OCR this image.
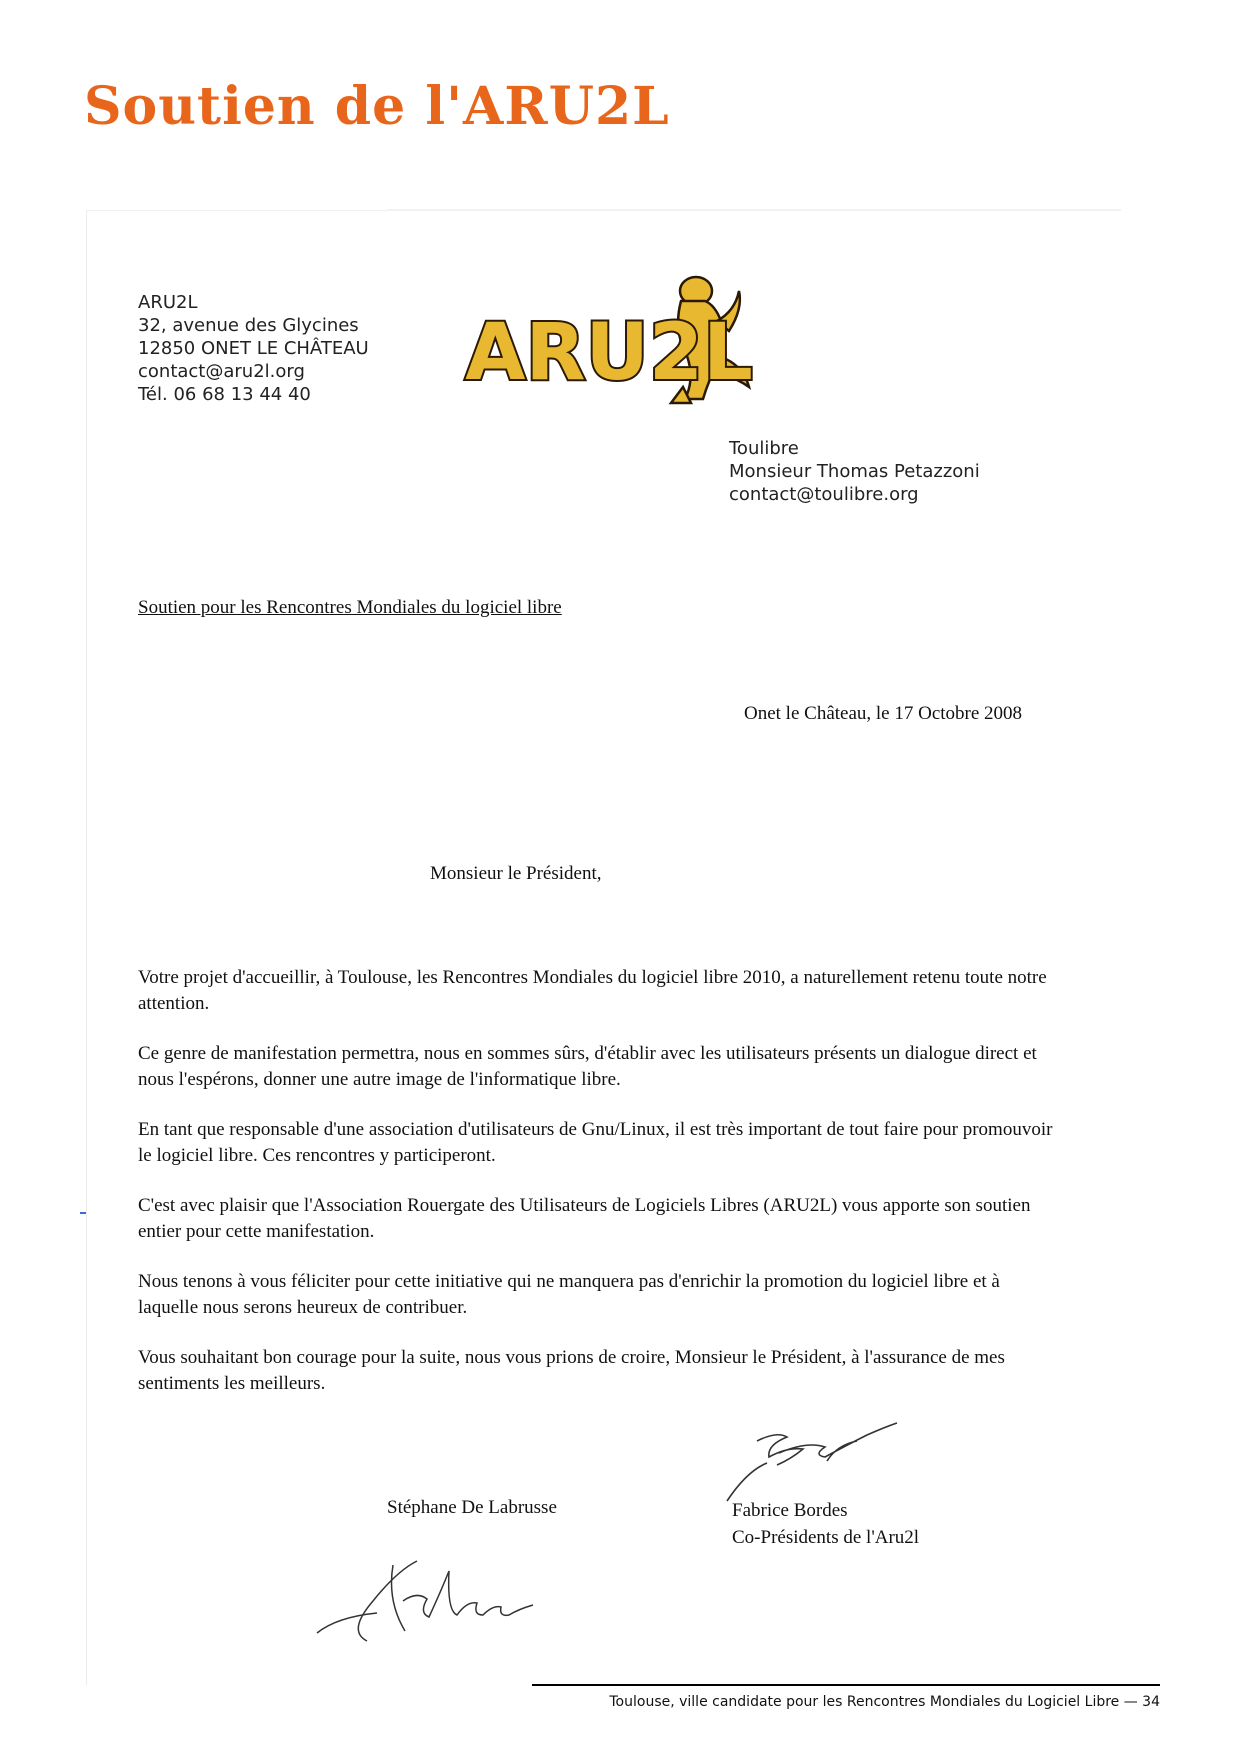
Soutien de l'ARU2L
ARU2L
32, avenue des Glycines
12850 ONET LE CHÂTEAU
contact@aru2l.org
Tél. 06 68 13 44 40	ARU2L
Toulibre
Monsieur Thomas Petazzoni
contact@toulibre.org
Soutien pour les Rencontres Mondiales du logiciel libre
Onet le Château, le 17 Octobre 2008
Monsieur le Président,

Votre projet d'accueillir, à Toulouse, les Rencontres Mondiales du logiciel libre 2010, a naturellement retenu toute notre attention.

Ce genre de manifestation permettra, nous en sommes sûrs, d'établir avec les utilisateurs présents un dialogue direct et nous l'espérons, donner une autre image de l'informatique libre.

En tant que responsable d'une association d'utilisateurs de Gnu/Linux, il est très important de tout faire pour promouvoir le logiciel libre. Ces rencontres y participeront.

C'est avec plaisir que l'Association Rouergate des Utilisateurs de Logiciels Libres (ARU2L) vous apporte son soutien entier pour cette manifestation.

Nous tenons à vous féliciter pour cette initiative qui ne manquera pas d'enrichir la promotion du logiciel libre et à laquelle nous serons heureux de contribuer.

Vous souhaitant bon courage pour la suite, nous vous prions de croire, Monsieur le Président, à l'assurance de mes sentiments les meilleurs.

Stéphane De Labrusse	Fabrice Bordes
Co-Présidents de l'Aru2l

Toulouse, ville candidate pour les Rencontres Mondiales du Logiciel Libre — 34
